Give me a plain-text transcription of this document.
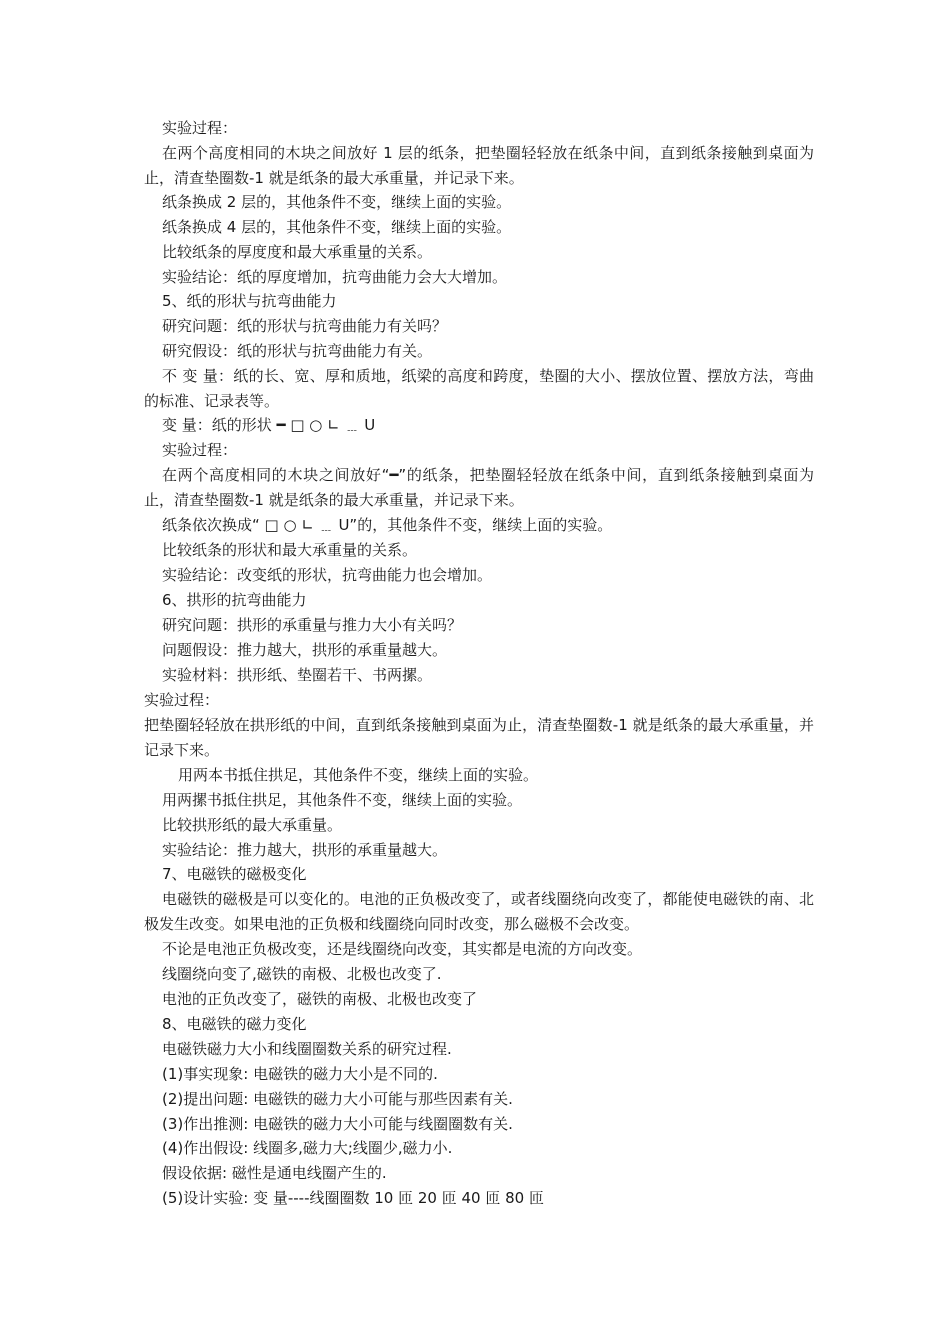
实验过程：
在两个高度相同的木块之间放好 1 层的纸条，把垫圈轻轻放在纸条中间，直到纸条接触到桌面为止，清查垫圈数-1 就是纸条的最大承重量，并记录下来。
纸条换成 2 层的，其他条件不变，继续上面的实验。
纸条换成 4 层的，其他条件不变，继续上面的实验。
比较纸条的厚度度和最大承重量的关系。
实验结论：纸的厚度增加，抗弯曲能力会大大增加。
5、纸的形状与抗弯曲能力
研究问题：纸的形状与抗弯曲能力有关吗？
研究假设：纸的形状与抗弯曲能力有关。
不 变 量：纸的长、宽、厚和质地，纸梁的高度和跨度，垫圈的大小、摆放位置、摆放方法，弯曲的标准、记录表等。
变 量：纸的形状 ━ □ ○ ∟ ﹍ U
实验过程：
在两个高度相同的木块之间放好“━”的纸条，把垫圈轻轻放在纸条中间，直到纸条接触到桌面为止，清查垫圈数-1 就是纸条的最大承重量，并记录下来。
纸条依次换成“ □ ○ ∟ ﹍ U”的，其他条件不变，继续上面的实验。
比较纸条的形状和最大承重量的关系。
实验结论：改变纸的形状，抗弯曲能力也会增加。
6、拱形的抗弯曲能力
研究问题：拱形的承重量与推力大小有关吗？
问题假设：推力越大，拱形的承重量越大。
实验材料：拱形纸、垫圈若干、书两摞。
实验过程：
把垫圈轻轻放在拱形纸的中间，直到纸条接触到桌面为止，清查垫圈数-1 就是纸条的最大承重量，并记录下来。
用两本书抵住拱足，其他条件不变，继续上面的实验。
用两摞书抵住拱足，其他条件不变，继续上面的实验。
比较拱形纸的最大承重量。
实验结论：推力越大，拱形的承重量越大。
7、电磁铁的磁极变化
电磁铁的磁极是可以变化的。电池的正负极改变了，或者线圈绕向改变了，都能使电磁铁的南、北极发生改变。如果电池的正负极和线圈绕向同时改变，那么磁极不会改变。
不论是电池正负极改变，还是线圈绕向改变，其实都是电流的方向改变。
线圈绕向变了,磁铁的南极、北极也改变了.
电池的正负改变了，磁铁的南极、北极也改变了
8、电磁铁的磁力变化
电磁铁磁力大小和线圈圈数关系的研究过程.
(1)事实现象: 电磁铁的磁力大小是不同的.
(2)提出问题: 电磁铁的磁力大小可能与那些因素有关.
(3)作出推测: 电磁铁的磁力大小可能与线圈圈数有关.
(4)作出假设: 线圈多,磁力大;线圈少,磁力小.
假设依据: 磁性是通电线圈产生的.
(5)设计实验: 变 量----线圈圈数 10 匝 20 匝 40 匝 80 匝
